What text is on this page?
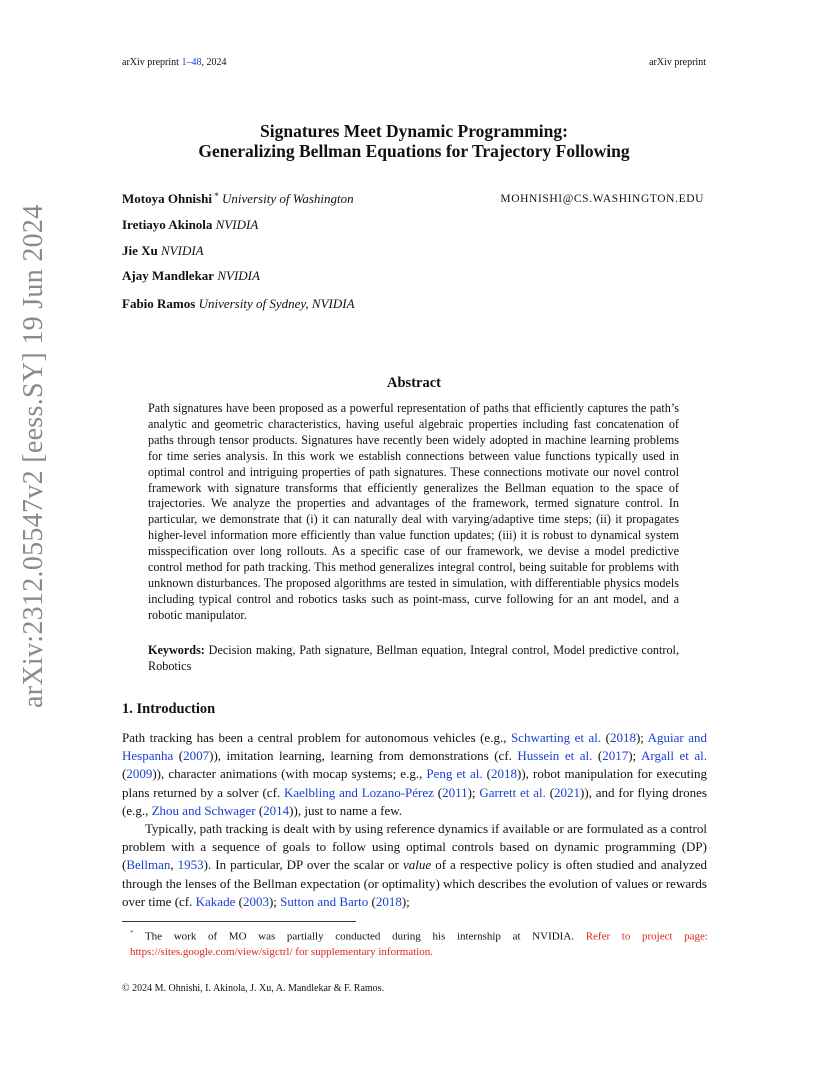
arXiv preprint 1–48, 2024	arXiv preprint
arXiv:2312.05547v2 [eess.SY] 19 Jun 2024
Signatures Meet Dynamic Programming:
Generalizing Bellman Equations for Trajectory Following
Motoya Ohnishi * University of Washington	MOHNISHI@CS.WASHINGTON.EDU
Iretiayo Akinola NVIDIA
Jie Xu NVIDIA
Ajay Mandlekar NVIDIA
Fabio Ramos University of Sydney, NVIDIA
Abstract
Path signatures have been proposed as a powerful representation of paths that efficiently captures the path’s analytic and geometric characteristics, having useful algebraic properties including fast concatenation of paths through tensor products. Signatures have recently been widely adopted in machine learning problems for time series analysis. In this work we establish connections between value functions typically used in optimal control and intriguing properties of path signatures. These connections motivate our novel control framework with signature transforms that efficiently generalizes the Bellman equation to the space of trajectories. We analyze the properties and advantages of the framework, termed signature control. In particular, we demonstrate that (i) it can naturally deal with varying/adaptive time steps; (ii) it propagates higher-level information more efficiently than value function updates; (iii) it is robust to dynamical system misspecification over long rollouts. As a specific case of our framework, we devise a model predictive control method for path tracking. This method generalizes integral control, being suitable for problems with unknown disturbances. The proposed algorithms are tested in simulation, with differentiable physics models including typical control and robotics tasks such as point-mass, curve following for an ant model, and a robotic manipulator.
Keywords: Decision making, Path signature, Bellman equation, Integral control, Model predictive control, Robotics
1. Introduction

Path tracking has been a central problem for autonomous vehicles (e.g., Schwarting et al. (2018); Aguiar and Hespanha (2007)), imitation learning, learning from demonstrations (cf. Hussein et al. (2017); Argall et al. (2009)), character animations (with mocap systems; e.g., Peng et al. (2018)), robot manipulation for executing plans returned by a solver (cf. Kaelbling and Lozano-Pérez (2011); Garrett et al. (2021)), and for flying drones (e.g., Zhou and Schwager (2014)), just to name a few.

Typically, path tracking is dealt with by using reference dynamics if available or are formulated as a control problem with a sequence of goals to follow using optimal controls based on dynamic programming (DP) (Bellman, 1953). In particular, DP over the scalar or value of a respective policy is often studied and analyzed through the lenses of the Bellman expectation (or optimality) which describes the evolution of values or rewards over time (cf. Kakade (2003); Sutton and Barto (2018);

* The work of MO was partially conducted during his internship at NVIDIA. Refer to project page: https://sites.google.com/view/sigctrl/ for supplementary information.
© 2024 M. Ohnishi, I. Akinola, J. Xu, A. Mandlekar & F. Ramos.
